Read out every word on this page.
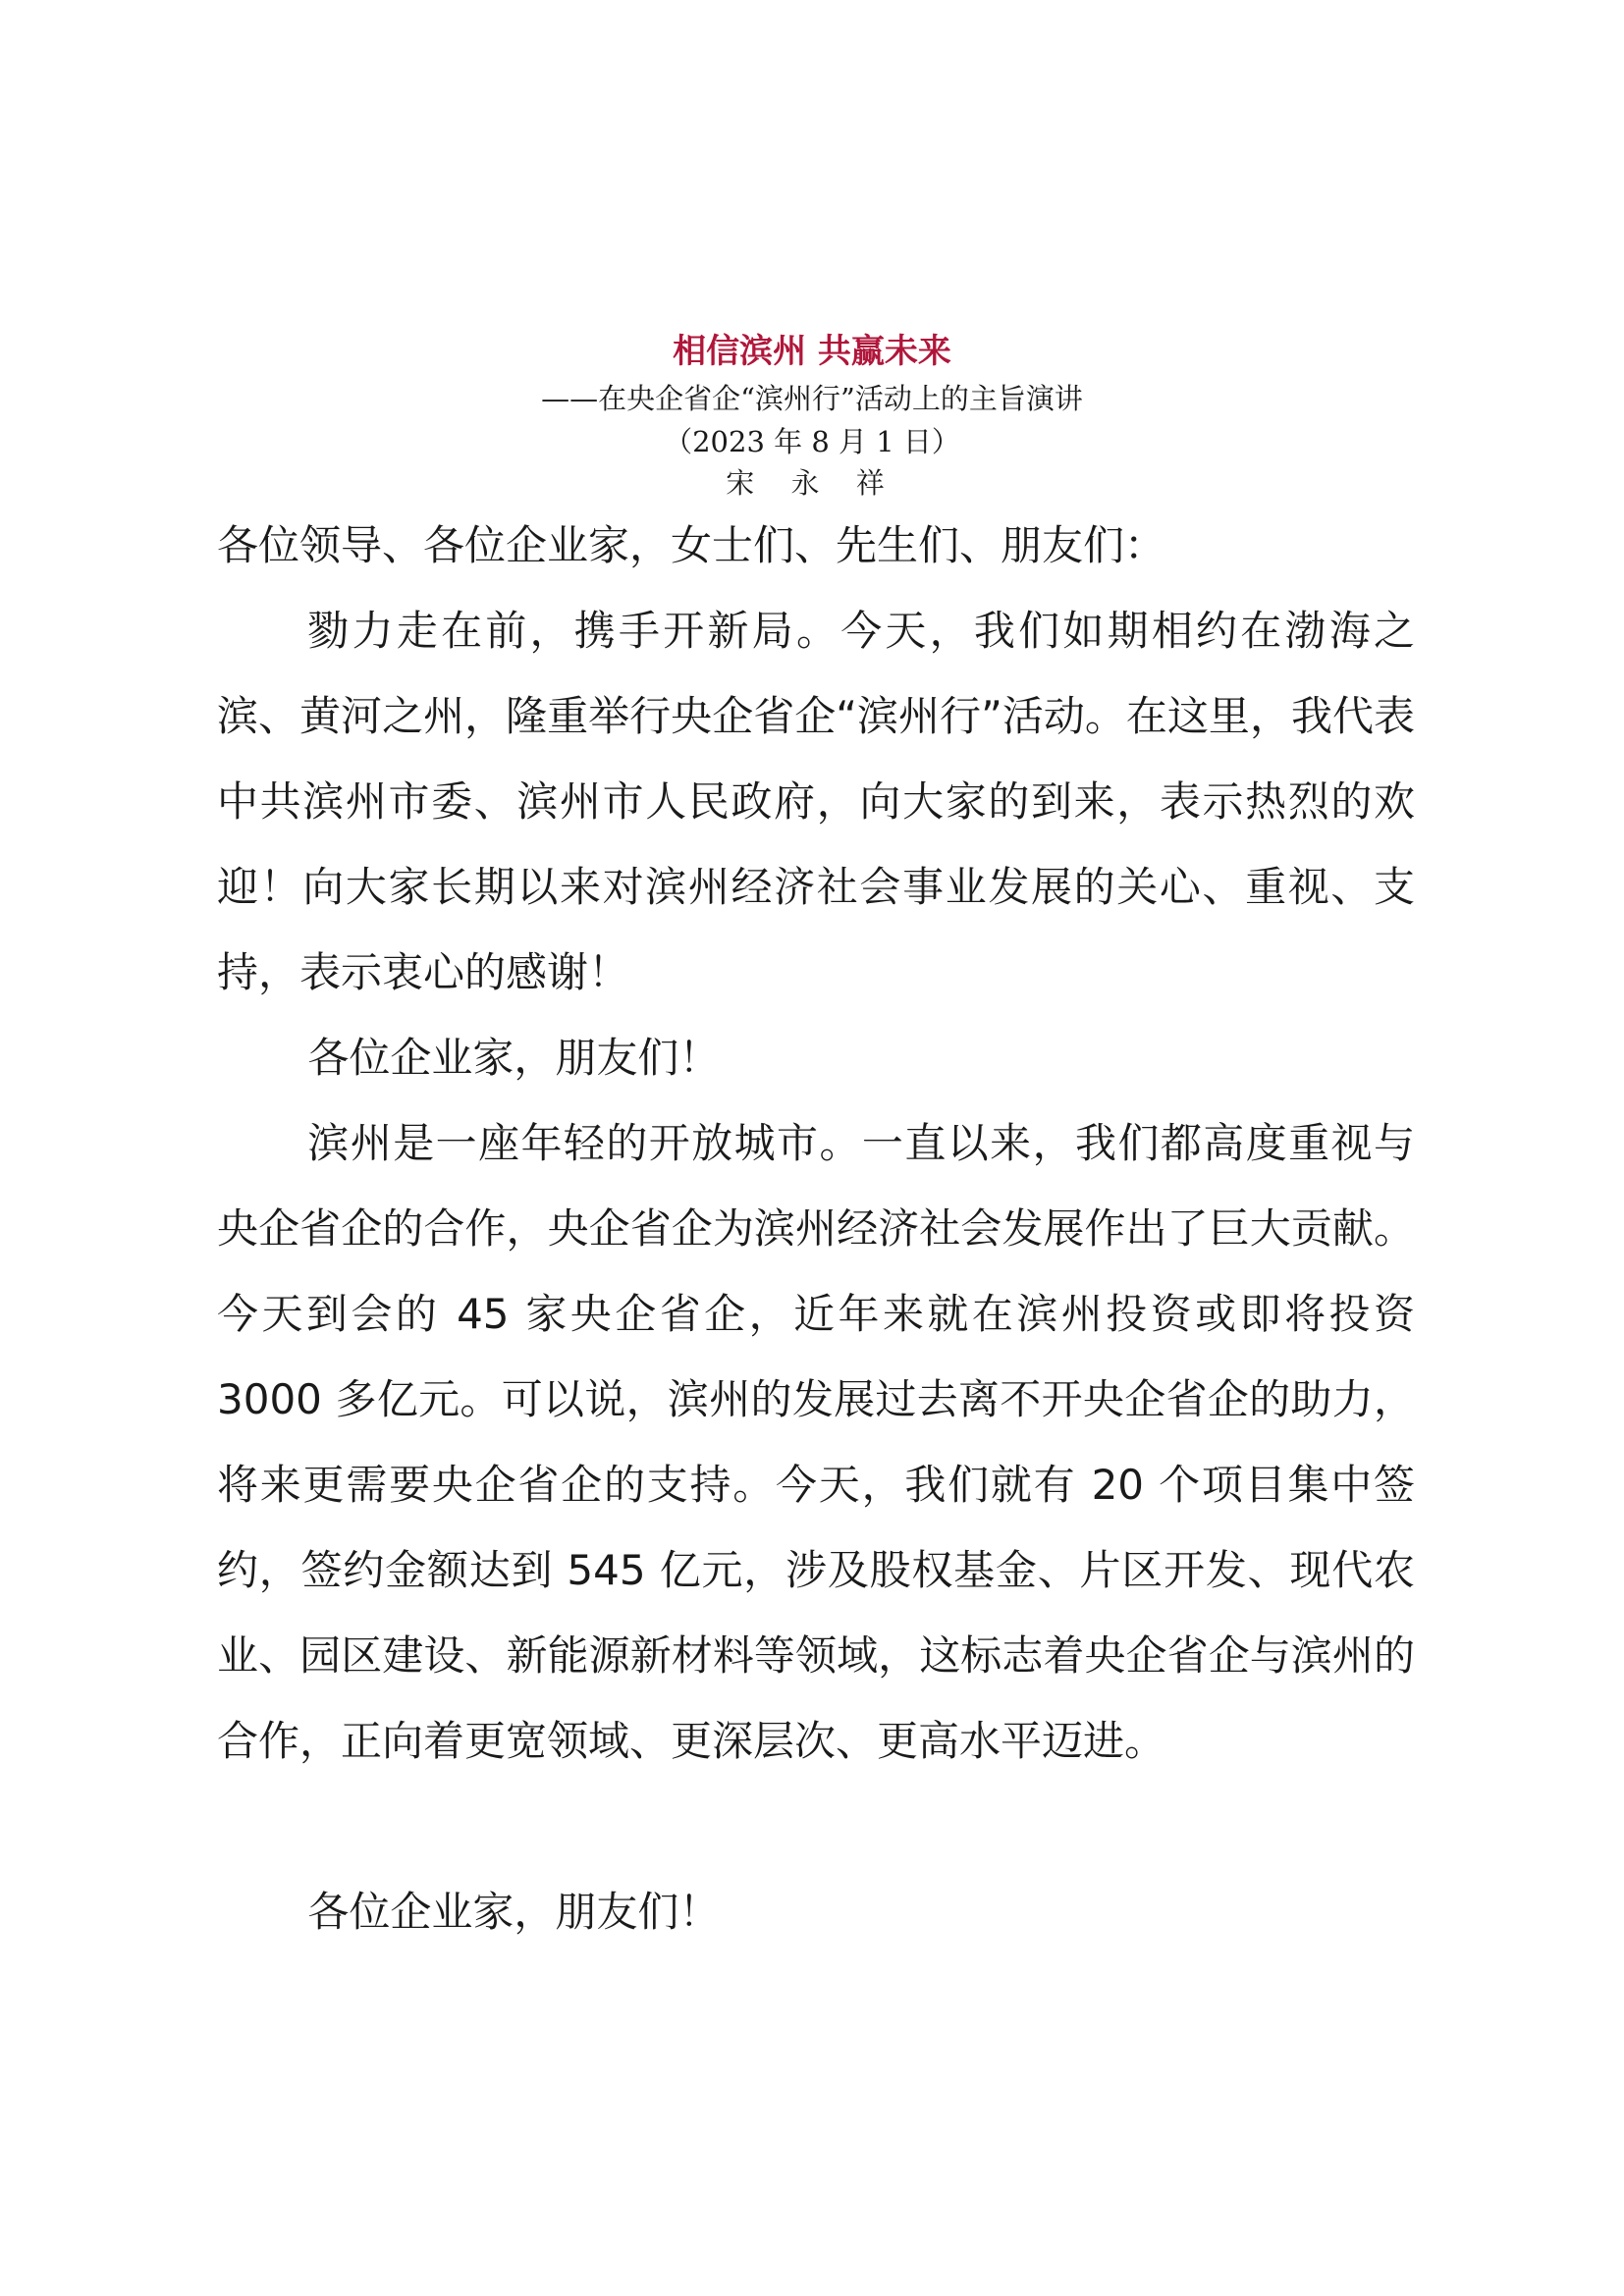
相信滨州 共赢未来
——在央企省企“滨州行”活动上的主旨演讲
（2023 年 8 月 1 日）
宋 永 祥
各位领导、各位企业家，女士们、先生们、朋友们：
勠力走在前，携手开新局。今天，我们如期相约在渤海之滨、黄河之州，隆重举行央企省企“滨州行”活动。在这里，我代表中共滨州市委、滨州市人民政府，向大家的到来，表示热烈的欢迎！向大家长期以来对滨州经济社会事业发展的关心、重视、支持，表示衷心的感谢！
各位企业家，朋友们！
滨州是一座年轻的开放城市。一直以来，我们都高度重视与央企省企的合作，央企省企为滨州经济社会发展作出了巨大贡献。今天到会的 45 家央企省企，近年来就在滨州投资或即将投资 3000 多亿元。可以说，滨州的发展过去离不开央企省企的助力，将来更需要央企省企的支持。今天，我们就有 20 个项目集中签约，签约金额达到 545 亿元，涉及股权基金、片区开发、现代农业、园区建设、新能源新材料等领域，这标志着央企省企与滨州的合作，正向着更宽领域、更深层次、更高水平迈进。
各位企业家，朋友们！
